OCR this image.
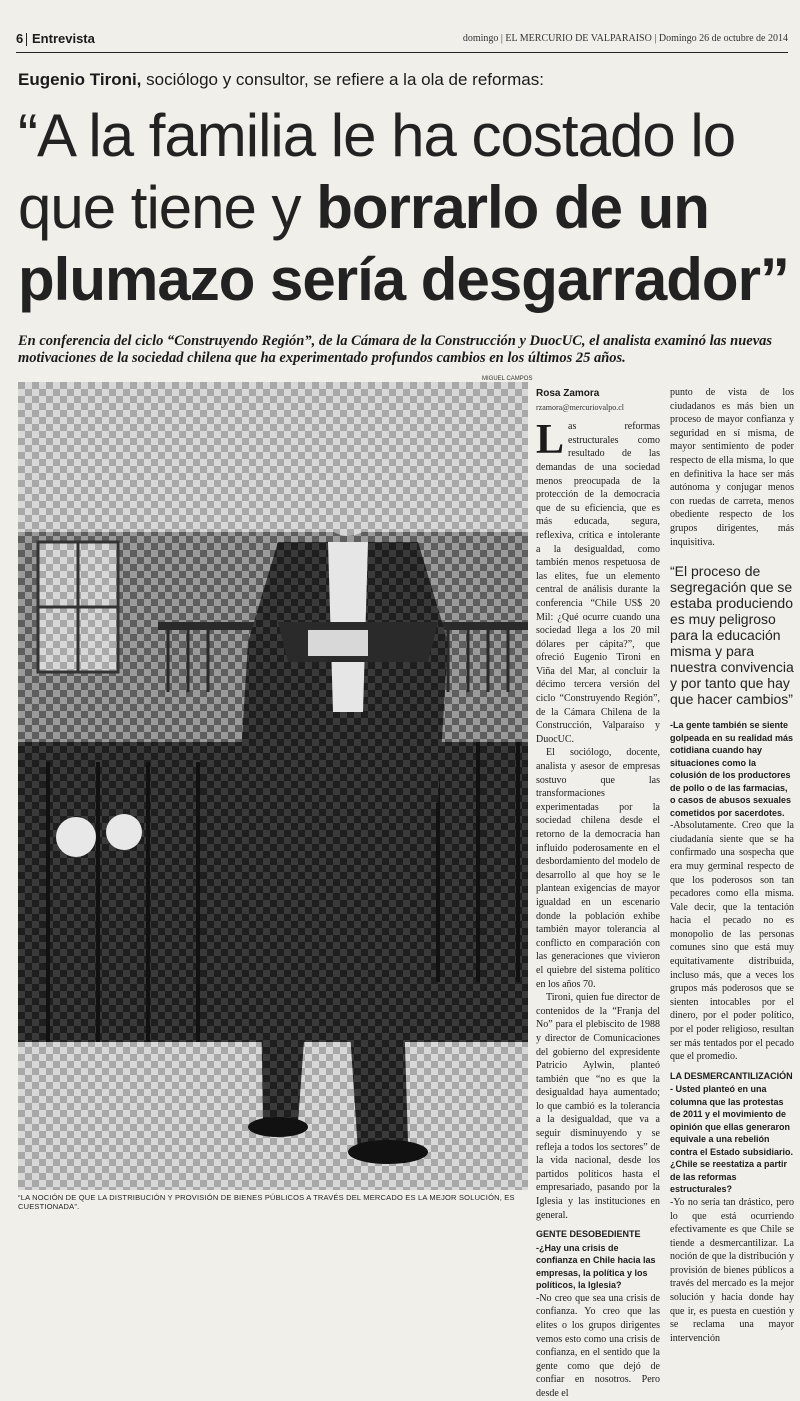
6 Entrevista	domingo | EL MERCURIO DE VALPARAISO | Domingo 26 de octubre de 2014
Eugenio Tironi, sociólogo y consultor, se refiere a la ola de reformas:
“A la familia le ha costado lo
que tiene y borrarlo de un
plumazo sería desgarrador”
En conferencia del ciclo “Construyendo Región”, de la Cámara de la Construcción y DuocUC, el analista examinó las nuevas motivaciones de la sociedad chilena que ha experimentado profundos cambios en los últimos 25 años.
MIGUEL CAMPOS
“LA NOCIÓN DE QUE LA DISTRIBUCIÓN Y PROVISIÓN DE BIENES PÚBLICOS A TRAVÉS DEL MERCADO ES LA MEJOR SOLUCIÓN, ES CUESTIONADA”.
Rosa Zamora
rzamora@mercuriovalpo.cl
Las reformas estructurales como resultado de las demandas de una sociedad menos preocupada de la protección de la democracia que de su eficiencia, que es más educada, segura, reflexiva, crítica e intolerante a la desigualdad, como también menos respetuosa de las elites, fue un elemento central de análisis durante la conferencia “Chile US$ 20 Mil: ¿Qué ocurre cuando una sociedad llega a los 20 mil dólares per cápita?”, que ofreció Eugenio Tironi en Viña del Mar, al concluir la décimo tercera versión del ciclo “Construyendo Región”, de la Cámara Chilena de la Construcción, Valparaíso y DuocUC.
El sociólogo, docente, analista y asesor de empresas sostuvo que las transformaciones experimentadas por la sociedad chilena desde el retorno de la democracia han influido poderosamente en el desbordamiento del modelo de desarrollo al que hoy se le plantean exigencias de mayor igualdad en un escenario donde la población exhibe también mayor tolerancia al conflicto en comparación con las generaciones que vivieron el quiebre del sistema político en los años 70.
Tironi, quien fue director de contenidos de la “Franja del No” para el plebiscito de 1988 y director de Comunicaciones del gobierno del expresidente Patricio Aylwin, planteó también que “no es que la desigualdad haya aumentado; lo que cambió es la tolerancia a la desigualdad, que va a seguir disminuyendo y se refleja a todos los sectores” de la vida nacional, desde los partidos políticos hasta el empresariado, pasando por la Iglesia y las instituciones en general.
GENTE DESOBEDIENTE
-¿Hay una crisis de confianza en Chile hacia las empresas, la política y los políticos, la Iglesia?
-No creo que sea una crisis de confianza. Yo creo que las elites o los grupos dirigentes vemos esto como una crisis de confianza, en el sentido que la gente como que dejó de confiar en nosotros. Pero desde el
punto de vista de los ciudadanos es más bien un proceso de mayor confianza y seguridad en sí misma, de mayor sentimiento de poder respecto de ella misma, lo que en definitiva la hace ser más autónoma y conjugar menos con ruedas de carreta, menos obediente respecto de los grupos dirigentes, más inquisitiva.
“El proceso de segregación que se estaba produciendo es muy peligroso para la educación misma y para nuestra convivencia y por tanto que hay que hacer cambios”
-La gente también se siente golpeada en su realidad más cotidiana cuando hay situaciones como la colusión de los productores de pollo o de las farmacias, o casos de abusos sexuales cometidos por sacerdotes.
-Absolutamente. Creo que la ciudadanía siente que se ha confirmado una sospecha que era muy germinal respecto de que los poderosos son tan pecadores como ella misma. Vale decir, que la tentación hacia el pecado no es monopolio de las personas comunes sino que está muy equitativamente distribuida, incluso más, que a veces los grupos más poderosos que se sienten intocables por el dinero, por el poder político, por el poder religioso, resultan ser más tentados por el pecado que el promedio.
LA DESMERCANTILIZACIÓN
- Usted planteó en una columna que las protestas de 2011 y el movimiento de opinión que ellas generaron equivale a una rebelión contra el Estado subsidiario. ¿Chile se reestatiza a partir de las reformas estructurales?
-Yo no sería tan drástico, pero lo que está ocurriendo efectivamente es que Chile se tiende a desmercantilizar. La noción de que la distribución y provisión de bienes públicos a través del mercado es la mejor solución y hacia donde hay que ir, es puesta en cuestión y se reclama una mayor intervención
